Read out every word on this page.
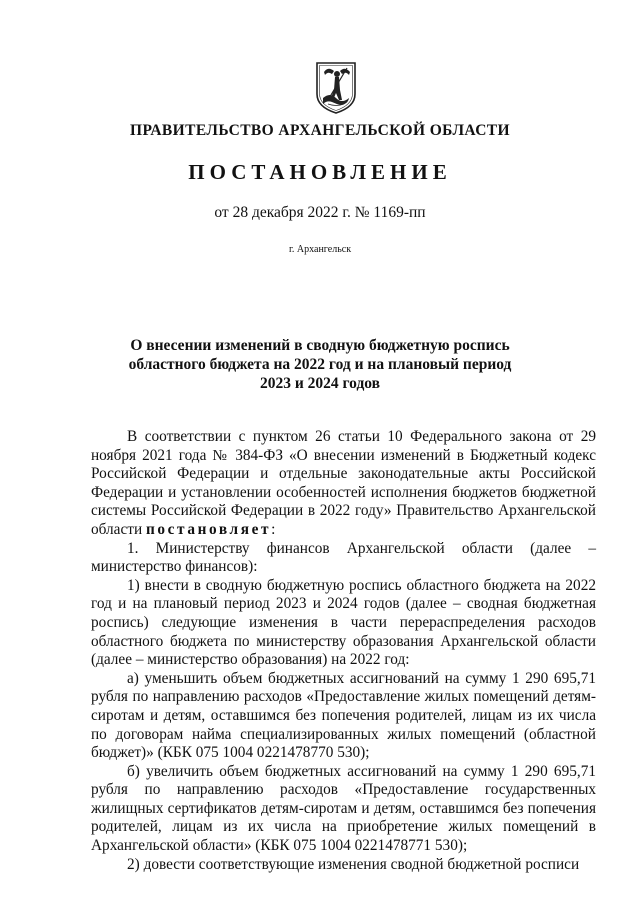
ПРАВИТЕЛЬСТВО АРХАНГЕЛЬСКОЙ ОБЛАСТИ
ПОСТАНОВЛЕНИЕ
от 28 декабря 2022 г. № 1169-пп
г. Архангельск
О внесении изменений в сводную бюджетную роспись
областного бюджета на 2022 год и на плановый период
2023 и 2024 годов

В соответствии с пунктом 26 статьи 10 Федерального закона от 29 ноября 2021 года № 384-ФЗ «О внесении изменений в Бюджетный кодекс Российской Федерации и отдельные законодательные акты Российской Федерации и установлении особенностей исполнения бюджетов бюджетной системы Российской Федерации в 2022 году» Правительство Архангельской области постановляет:

1. Министерству финансов Архангельской области (далее – министерство финансов):

1) внести в сводную бюджетную роспись областного бюджета на 2022 год и на плановый период 2023 и 2024 годов (далее – сводная бюджетная роспись) следующие изменения в части перераспределения расходов областного бюджета по министерству образования Архангельской области (далее – министерство образования) на 2022 год:

а) уменьшить объем бюджетных ассигнований на сумму 1 290 695,71 рубля по направлению расходов «Предоставление жилых помещений детям-сиротам и детям, оставшимся без попечения родителей, лицам из их числа по договорам найма специализированных жилых помещений (областной бюджет)» (КБК 075 1004 0221478770 530);

б) увеличить объем бюджетных ассигнований на сумму 1 290 695,71 рубля по направлению расходов «Предоставление государственных жилищных сертификатов детям-сиротам и детям, оставшимся без попечения родителей, лицам из их числа на приобретение жилых помещений в Архангельской области» (КБК 075 1004 0221478771 530);

2) довести соответствующие изменения сводной бюджетной росписи
